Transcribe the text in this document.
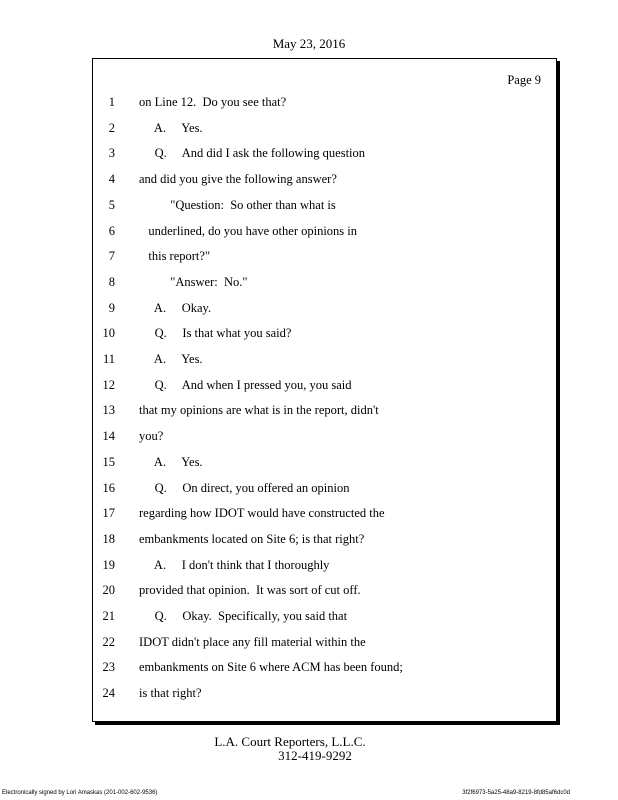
May 23, 2016
Page 9
1 on Line 12.  Do you see that?
2 A.     Yes.
3 Q.     And did I ask the following question
4 and did you give the following answer?
5 "Question:  So other than what is
6 underlined, do you have other opinions in
7 this report?"
8 "Answer:  No."
9 A.     Okay.
10 Q.     Is that what you said?
11 A.     Yes.
12 Q.     And when I pressed you, you said
13 that my opinions are what is in the report, didn't
14 you?
15 A.     Yes.
16 Q.     On direct, you offered an opinion
17 regarding how IDOT would have constructed the
18 embankments located on Site 6; is that right?
19 A.     I don't think that I thoroughly
20 provided that opinion.  It was sort of cut off.
21 Q.     Okay.  Specifically, you said that
22 IDOT didn't place any fill material within the
23 embankments on Site 6 where ACM has been found;
24 is that right?
L.A. Court Reporters, L.L.C.
312-419-9292
Electronically signed by Lori Amaskas (201-002-602-9536)	3f2f6973-5a25-48a9-8219-8fd85af6dc0d
